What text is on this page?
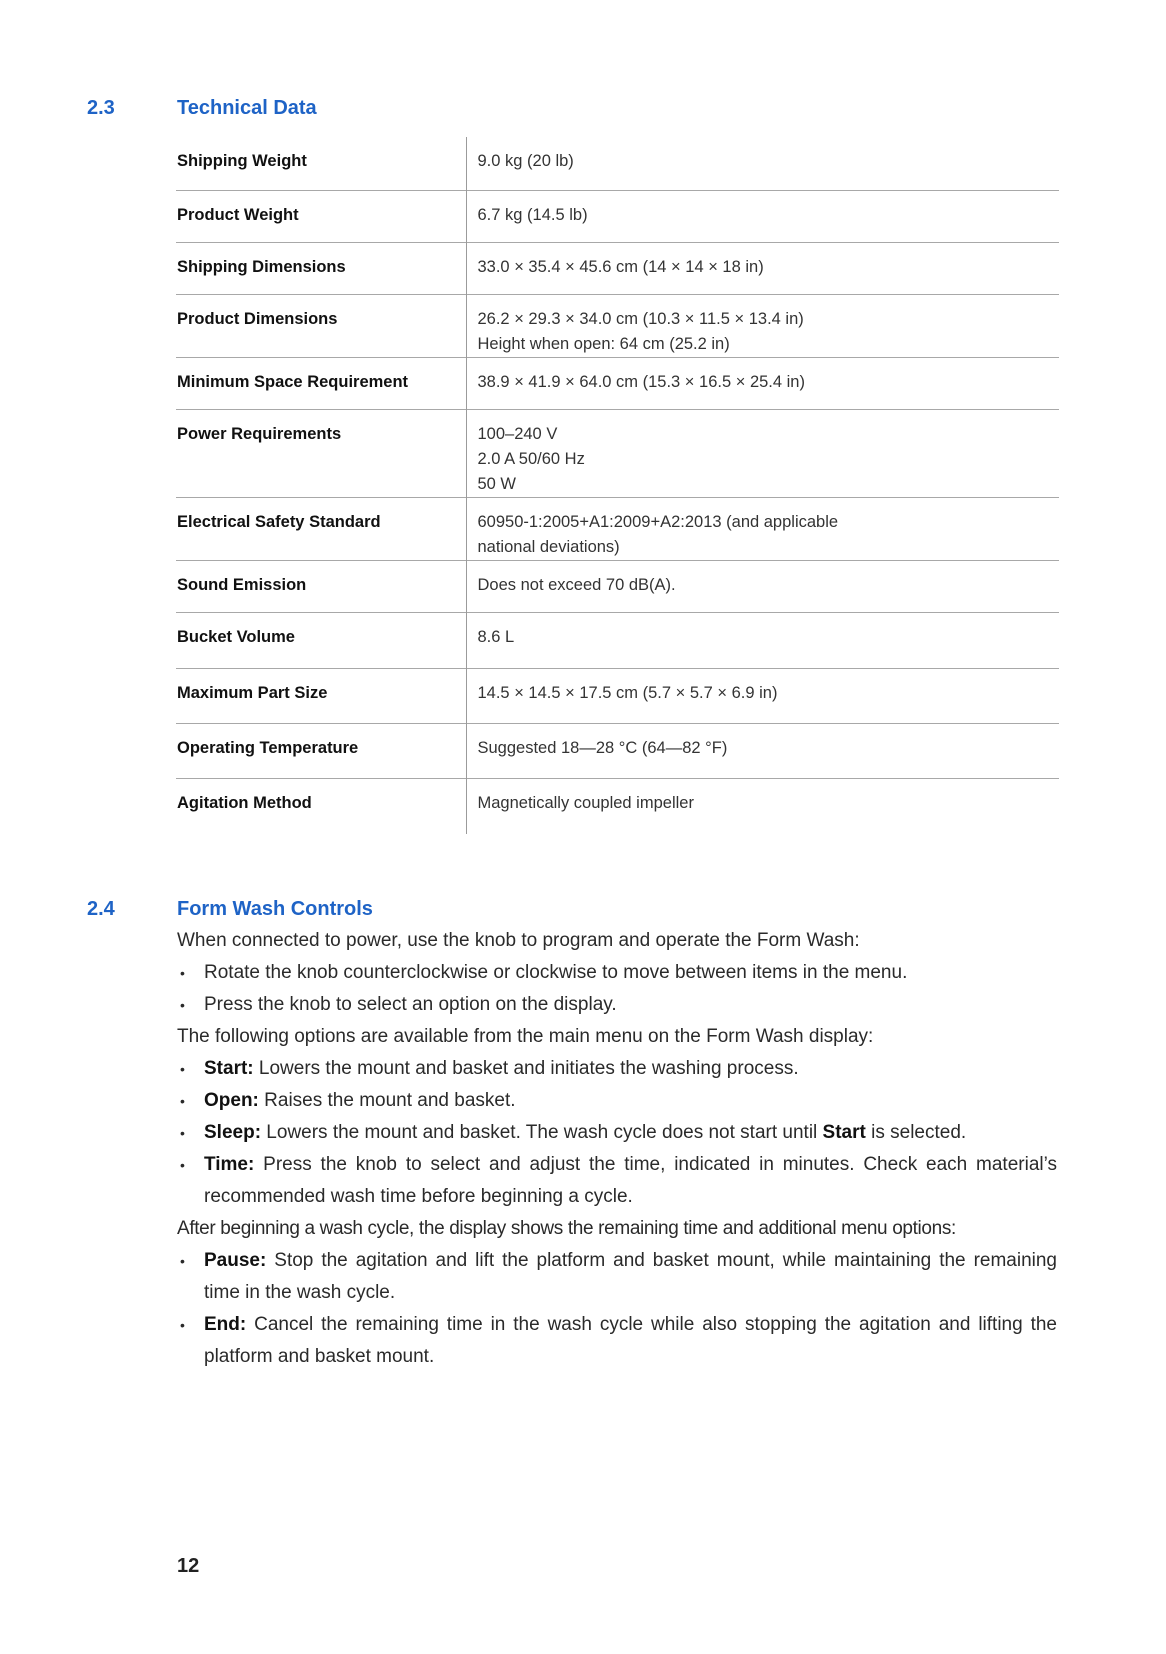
2.3	Technical Data
Shipping Weight	9.0 kg (20 lb)

Product Weight	6.7 kg (14.5 lb)

Shipping Dimensions	33.0 × 35.4 × 45.6 cm (14 × 14 × 18 in)

Product Dimensions	26.2 × 29.3 × 34.0 cm (10.3 × 11.5 × 13.4 in)
Height when open: 64 cm (25.2 in)

Minimum Space Requirement	38.9 × 41.9 × 64.0 cm (15.3 × 16.5 × 25.4 in)

Power Requirements	100–240 V
2.0 A 50/60 Hz
50 W

Electrical Safety Standard	60950-1:2005+A1:2009+A2:2013 (and applicable
national deviations)

Sound Emission	Does not exceed 70 dB(A).

Bucket Volume	8.6 L

Maximum Part Size	14.5 × 14.5 × 17.5 cm (5.7 × 5.7 × 6.9 in)

Operating Temperature	Suggested 18—28 °C (64—82 °F)

Agitation Method	Magnetically coupled impeller
2.4	Form Wash Controls

When connected to power, use the knob to program and operate the Form Wash:

• Rotate the knob counterclockwise or clockwise to move between items in the menu.

• Press the knob to select an option on the display.

The following options are available from the main menu on the Form Wash display:

• Start: Lowers the mount and basket and initiates the washing process.

• Open: Raises the mount and basket.

• Sleep: Lowers the mount and basket. The wash cycle does not start until Start is selected.

• Time: Press the knob to select and adjust the time, indicated in minutes. Check each material’s recommended wash time before beginning a cycle.

After beginning a wash cycle, the display shows the remaining time and additional menu options:

• Pause: Stop the agitation and lift the platform and basket mount, while maintaining the remaining time in the wash cycle.

• End: Cancel the remaining time in the wash cycle while also stopping the agitation and lifting the platform and basket mount.

12
